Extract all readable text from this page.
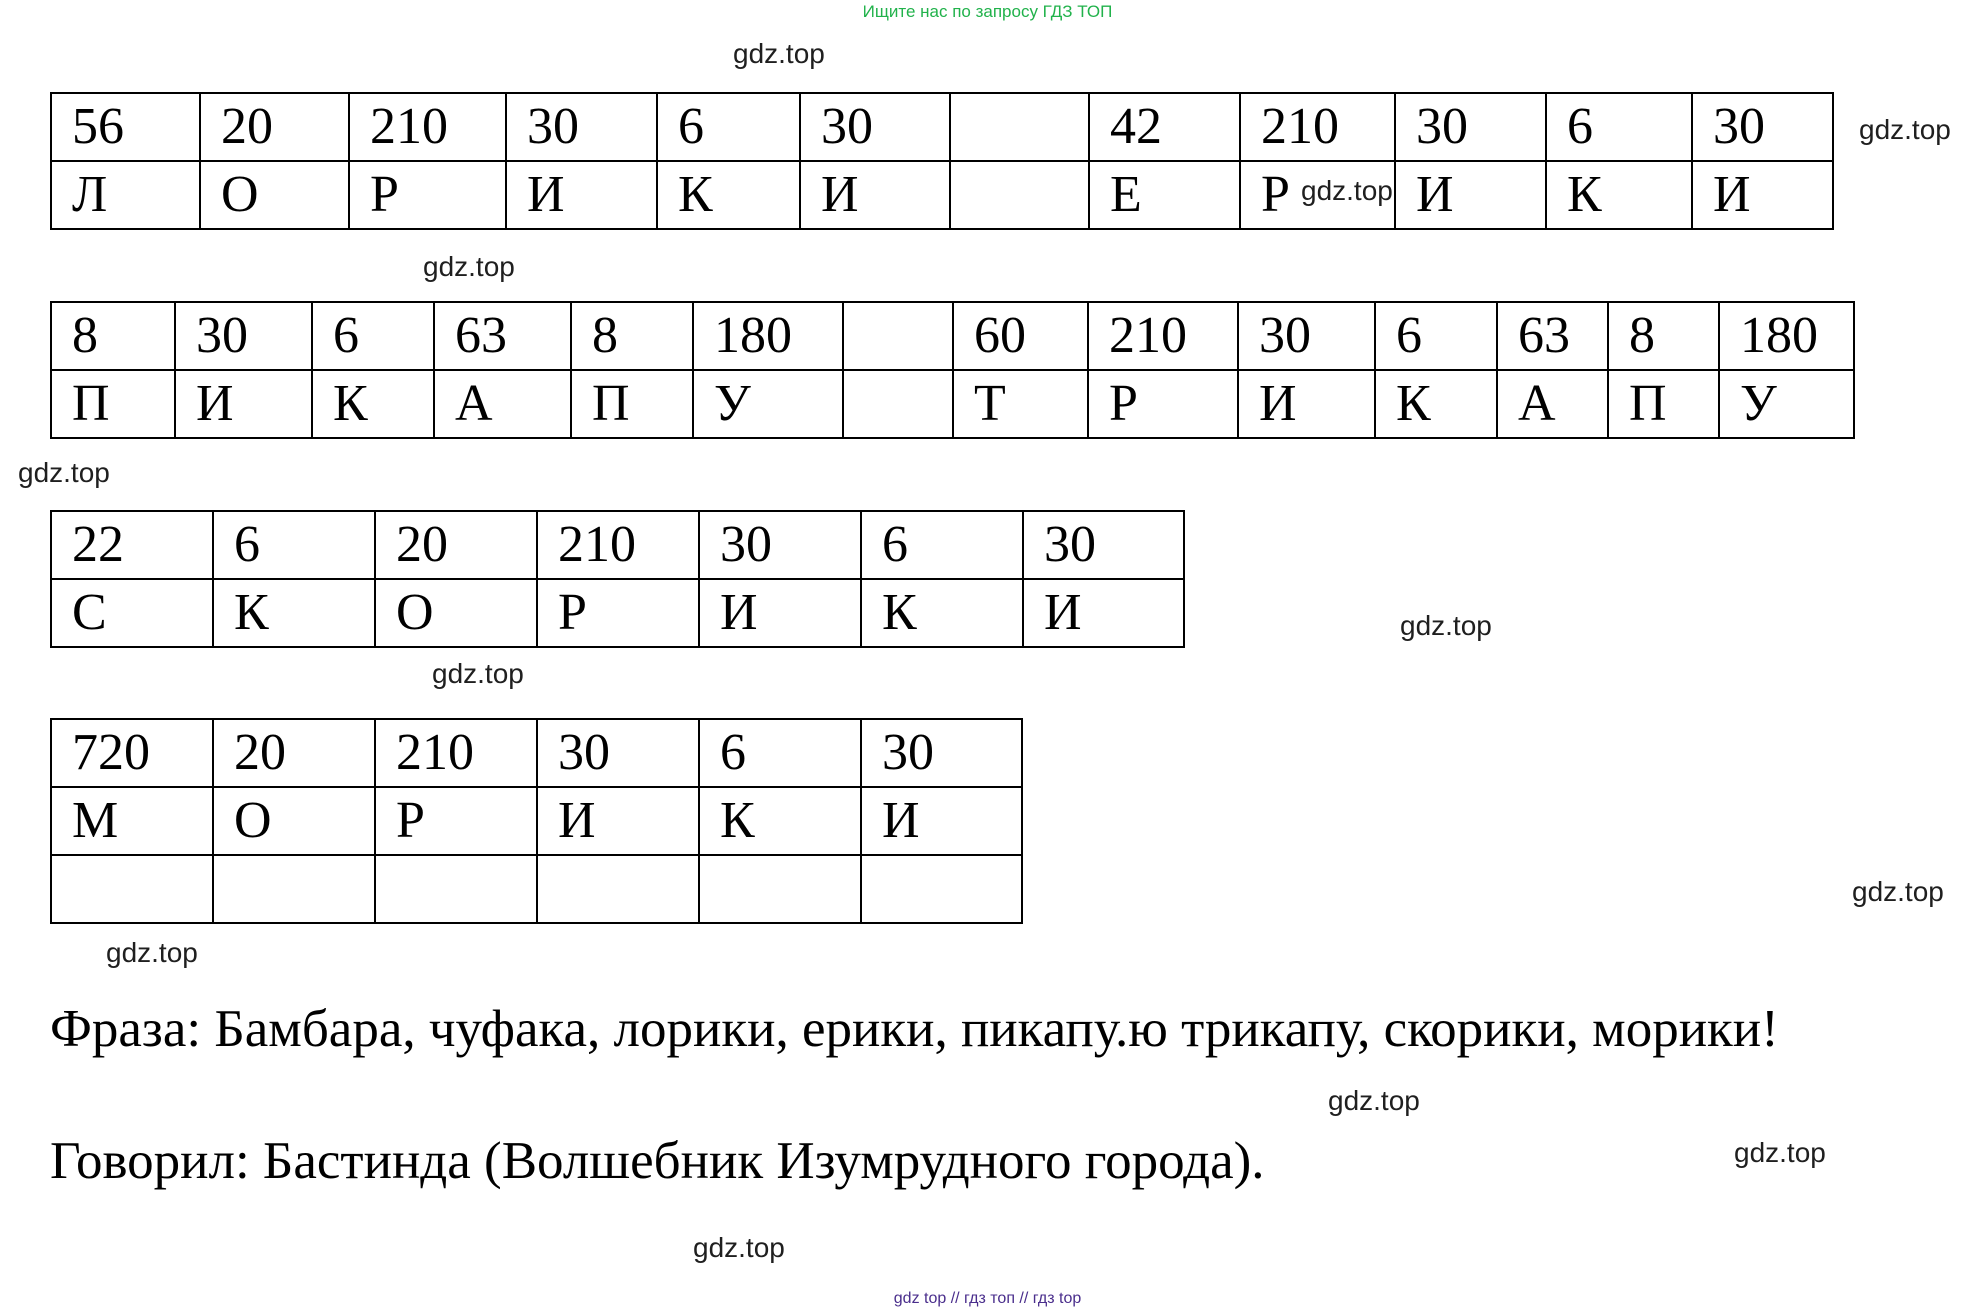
Ищите нас по запросу ГДЗ ТОП
56	20	210	30	6	30		42	210	30	6	30
Л	О	Р	И	К	И		Е	Р	И	К	И
8	30	6	63	8	180		60	210	30	6	63	8	180
П	И	К	А	П	У		Т	Р	И	К	А	П	У
22	6	20	210	30	6	30
С	К	О	Р	И	К	И
720	20	210	30	6	30
М	О	Р	И	К	И

Фраза: Бамбара, чуфака, лорики, ерики, пикапу.ю трикапу, скорики, морики!
Говорил: Бастинда (Волшебник Изумрудного города).
gdz.top
gdz.top
gdz.top
gdz.top
gdz.top
gdz.top
gdz.top
gdz.top
gdz.top
gdz.top
gdz.top
gdz.top
gdz top // гдз топ // гдз top
